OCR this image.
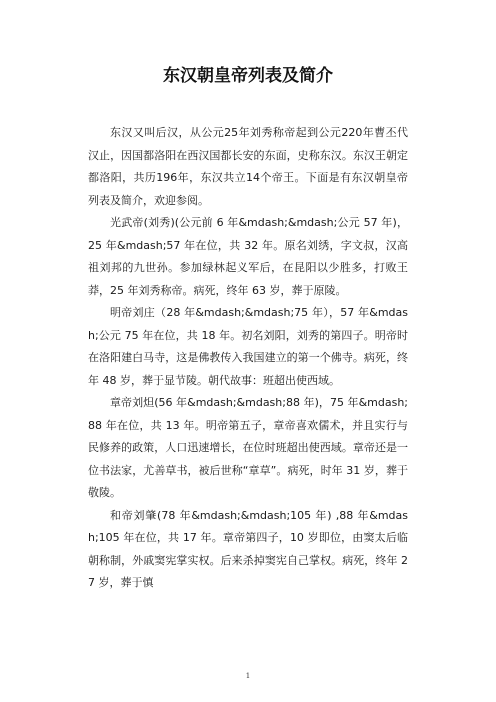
东汉朝皇帝列表及简介

东汉又叫后汉，从公元25年刘秀称帝起到公元220年曹丕代汉止，因国都洛阳在西汉国都长安的东面，史称东汉。东汉王朝定都洛阳，共历196年，东汉共立14个帝王。下面是有东汉朝皇帝列表及简介，欢迎参阅。

光武帝(刘秀)(公元前 6 年&mdash;&mdash;公元 57 年)，25 年&mdash;57 年在位，共 32 年。原名刘绣，字文叔，汉高祖刘邦的九世孙。参加绿林起义军后，在昆阳以少胜多，打败王莽，25 年刘秀称帝。病死，终年 63 岁，葬于原陵。

明帝刘庄（28 年&mdash;&mdash;75 年），57 年&mdash;公元 75 年在位，共 18 年。初名刘阳，刘秀的第四子。明帝时在洛阳建白马寺，这是佛教传入我国建立的第一个佛寺。病死，终年 48 岁，葬于显节陵。朝代故事：班超出使西域。

章帝刘炟(56 年&mdash;&mdash;88 年)，75 年&mdash;88 年在位，共 13 年。明帝第五子，章帝喜欢儒术，并且实行与民修养的政策，人口迅速增长，在位时班超出使西域。章帝还是一位书法家，尤善草书，被后世称“章草”。病死，时年 31 岁，葬于敬陵。

和帝刘肇(78 年&mdash;&mdash;105 年) ,88 年&mdash;105 年在位，共 17 年。章帝第四子，10 岁即位，由窦太后临朝称制，外戚窦宪掌实权。后来杀掉窦宪自己掌权。病死，终年 27 岁，葬于慎

1
